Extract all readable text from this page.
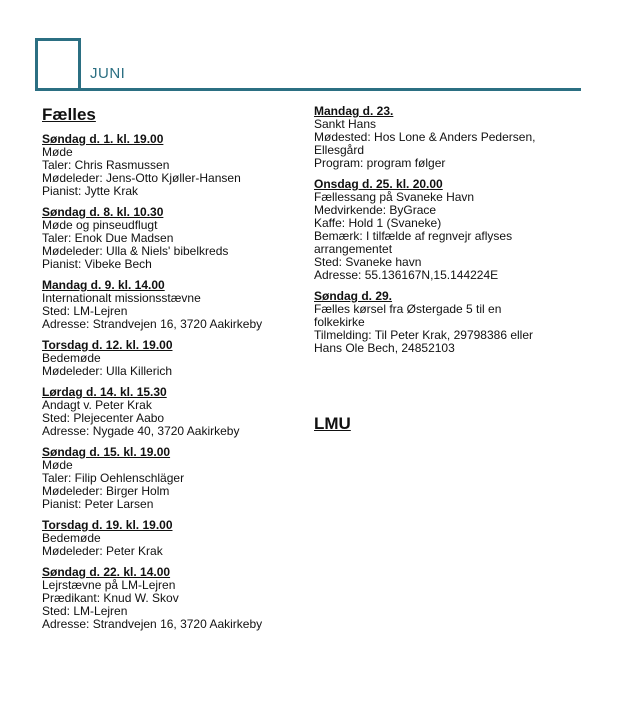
JUNI
Fælles
Søndag d. 1. kl. 19.00
Møde
Taler: Chris Rasmussen
Mødeleder: Jens-Otto Kjøller-Hansen
Pianist: Jytte Krak
Søndag d. 8. kl. 10.30
Møde og pinseudflugt
Taler: Enok Due Madsen
Mødeleder: Ulla & Niels' bibelkreds
Pianist: Vibeke Bech
Mandag d. 9. kl. 14.00
Internationalt missionsstævne
Sted: LM-Lejren
Adresse: Strandvejen 16, 3720 Aakirkeby
Torsdag d. 12. kl. 19.00
Bedemøde
Mødeleder: Ulla Killerich
Lørdag d. 14. kl. 15.30
Andagt v. Peter Krak
Sted: Plejecenter Aabo
Adresse: Nygade 40, 3720 Aakirkeby
Søndag d. 15. kl. 19.00
Møde
Taler: Filip Oehlenschläger
Mødeleder: Birger Holm
Pianist: Peter Larsen
Torsdag d. 19. kl. 19.00
Bedemøde
Mødeleder: Peter Krak
Søndag d. 22. kl. 14.00
Lejrstævne på LM-Lejren
Prædikant: Knud W. Skov
Sted: LM-Lejren
Adresse: Strandvejen 16, 3720 Aakirkeby
Mandag d. 23.
Sankt Hans
Mødested: Hos Lone & Anders Pedersen,
Ellesgård
Program: program følger
Onsdag d. 25. kl. 20.00
Fællessang på Svaneke Havn
Medvirkende: ByGrace
Kaffe: Hold 1 (Svaneke)
Bemærk: I tilfælde af regnvejr aflyses
arrangementet
Sted: Svaneke havn
Adresse: 55.136167N,15.144224E
Søndag d. 29.
Fælles kørsel fra Østergade 5 til en
folkekirke
Tilmelding: Til Peter Krak, 29798386 eller
Hans Ole Bech, 24852103
LMU
